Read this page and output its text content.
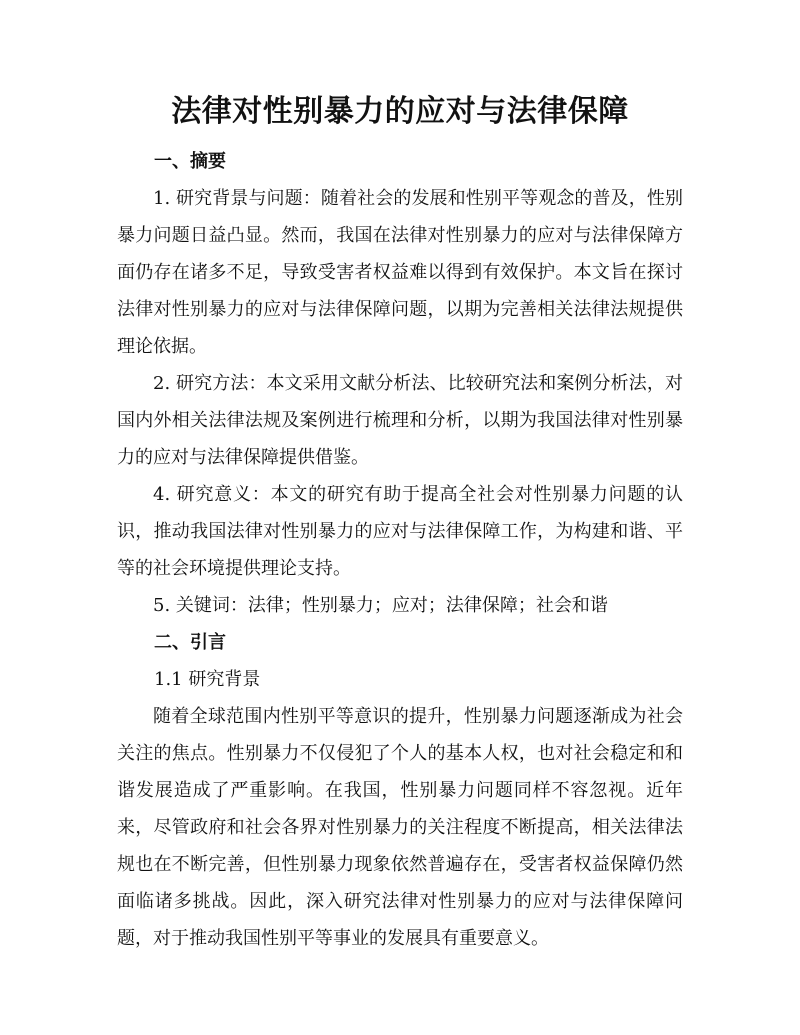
法律对性别暴力的应对与法律保障

一、摘要

1. 研究背景与问题：随着社会的发展和性别平等观念的普及，性别暴力问题日益凸显。然而，我国在法律对性别暴力的应对与法律保障方面仍存在诸多不足，导致受害者权益难以得到有效保护。本文旨在探讨法律对性别暴力的应对与法律保障问题，以期为完善相关法律法规提供理论依据。

2. 研究方法：本文采用文献分析法、比较研究法和案例分析法，对国内外相关法律法规及案例进行梳理和分析，以期为我国法律对性别暴力的应对与法律保障提供借鉴。

4. 研究意义：本文的研究有助于提高全社会对性别暴力问题的认识，推动我国法律对性别暴力的应对与法律保障工作，为构建和谐、平等的社会环境提供理论支持。

5. 关键词：法律；性别暴力；应对；法律保障；社会和谐

二、引言

1.1 研究背景

随着全球范围内性别平等意识的提升，性别暴力问题逐渐成为社会关注的焦点。性别暴力不仅侵犯了个人的基本人权，也对社会稳定和和谐发展造成了严重影响。在我国，性别暴力问题同样不容忽视。近年来，尽管政府和社会各界对性别暴力的关注程度不断提高，相关法律法规也在不断完善，但性别暴力现象依然普遍存在，受害者权益保障仍然面临诸多挑战。因此，深入研究法律对性别暴力的应对与法律保障问题，对于推动我国性别平等事业的发展具有重要意义。
